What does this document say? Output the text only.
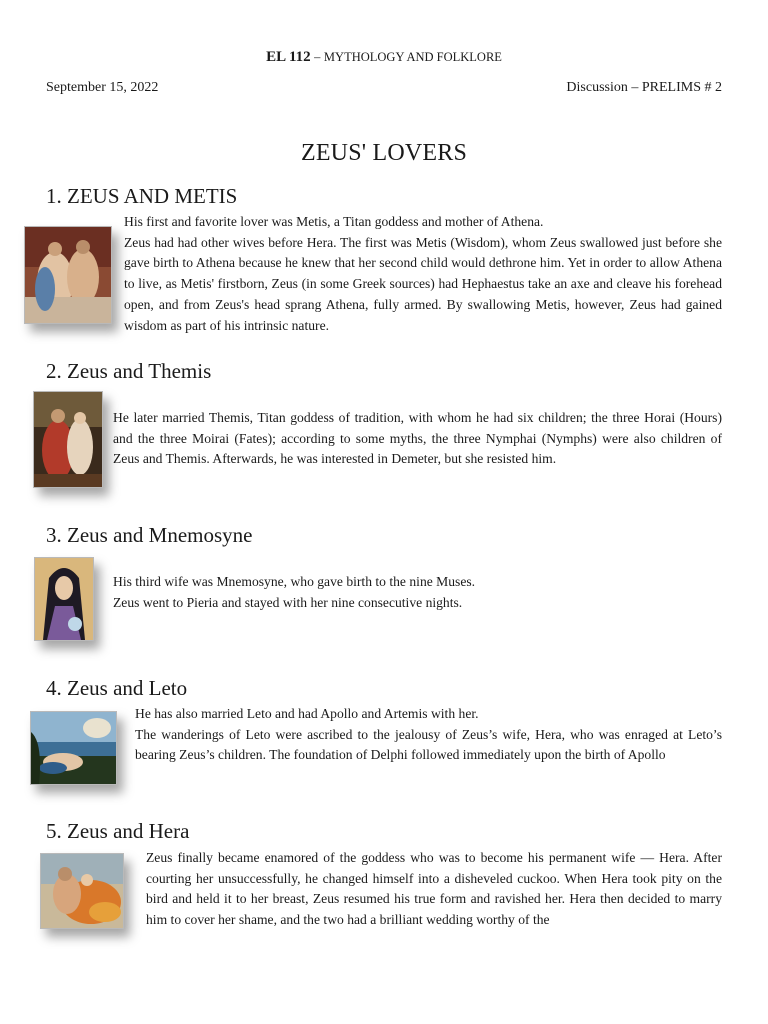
EL 112 – MYTHOLOGY AND FOLKLORE
September 15, 2022	Discussion – PRELIMS # 2
ZEUS' LOVERS
1. ZEUS AND METIS

His first and favorite lover was Metis, a Titan goddess and mother of Athena.

Zeus had had other wives before Hera. The first was Metis (Wisdom), whom Zeus swallowed just before she gave birth to Athena because he knew that her second child would dethrone him. Yet in order to allow Athena to live, as Metis' firstborn, Zeus (in some Greek sources) had Hephaestus take an axe and cleave his forehead open, and from Zeus's head sprang Athena, fully armed. By swallowing Metis, however, Zeus had gained wisdom as part of his intrinsic nature.

2. Zeus and Themis

He later married Themis, Titan goddess of tradition, with whom he had six children; the three Horai (Hours) and the three Moirai (Fates); according to some myths, the three Nymphai (Nymphs) were also children of Zeus and Themis. Afterwards, he was interested in Demeter, but she resisted him.

3. Zeus and Mnemosyne

His third wife was Mnemosyne, who gave birth to the nine Muses.

Zeus went to Pieria and stayed with her nine consecutive nights.

4. Zeus and Leto

He has also married Leto and had Apollo and Artemis with her.

The wanderings of Leto were ascribed to the jealousy of Zeus’s wife, Hera, who was enraged at Leto’s bearing Zeus’s children. The foundation of Delphi followed immediately upon the birth of Apollo

5. Zeus and Hera

Zeus finally became enamored of the goddess who was to become his permanent wife — Hera. After courting her unsuccessfully, he changed himself into a disheveled cuckoo. When Hera took pity on the bird and held it to her breast, Zeus resumed his true form and ravished her. Hera then decided to marry him to cover her shame, and the two had a brilliant wedding worthy of the
